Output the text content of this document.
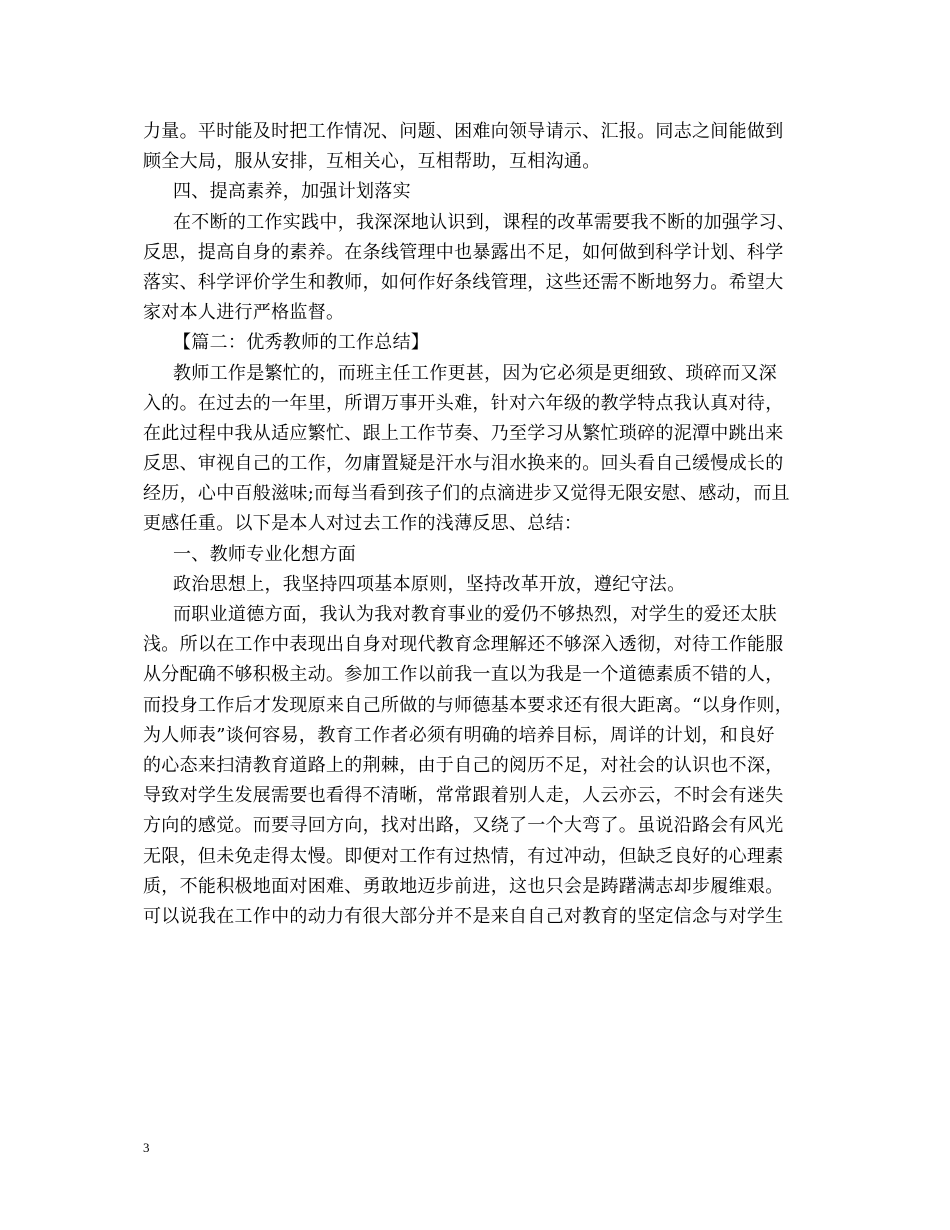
力量。平时能及时把工作情况、问题、困难向领导请示、汇报。同志之间能做到
顾全大局，服从安排，互相关心，互相帮助，互相沟通。
四、提高素养，加强计划落实
在不断的工作实践中，我深深地认识到，课程的改革需要我不断的加强学习、
反思，提高自身的素养。在条线管理中也暴露出不足，如何做到科学计划、科学
落实、科学评价学生和教师，如何作好条线管理，这些还需不断地努力。希望大
家对本人进行严格监督。
【篇二：优秀教师的工作总结】
教师工作是繁忙的，而班主任工作更甚，因为它必须是更细致、琐碎而又深
入的。在过去的一年里，所谓万事开头难，针对六年级的教学特点我认真对待，
在此过程中我从适应繁忙、跟上工作节奏、乃至学习从繁忙琐碎的泥潭中跳出来
反思、审视自己的工作，勿庸置疑是汗水与泪水换来的。回头看自己缓慢成长的
经历，心中百般滋味;而每当看到孩子们的点滴进步又觉得无限安慰、感动，而且
更感任重。以下是本人对过去工作的浅薄反思、总结：
一、教师专业化想方面
政治思想上，我坚持四项基本原则，坚持改革开放，遵纪守法。
而职业道德方面，我认为我对教育事业的爱仍不够热烈，对学生的爱还太肤
浅。所以在工作中表现出自身对现代教育念理解还不够深入透彻，对待工作能服
从分配确不够积极主动。参加工作以前我一直以为我是一个道德素质不错的人，
而投身工作后才发现原来自己所做的与师德基本要求还有很大距离。“以身作则，
为人师表”谈何容易，教育工作者必须有明确的培养目标，周详的计划，和良好
的心态来扫清教育道路上的荆棘，由于自己的阅历不足，对社会的认识也不深，
导致对学生发展需要也看得不清晰，常常跟着别人走，人云亦云，不时会有迷失
方向的感觉。而要寻回方向，找对出路，又绕了一个大弯了。虽说沿路会有风光
无限，但未免走得太慢。即便对工作有过热情，有过冲动，但缺乏良好的心理素
质，不能积极地面对困难、勇敢地迈步前进，这也只会是踌躇满志却步履维艰。
可以说我在工作中的动力有很大部分并不是来自自己对教育的坚定信念与对学生
3
